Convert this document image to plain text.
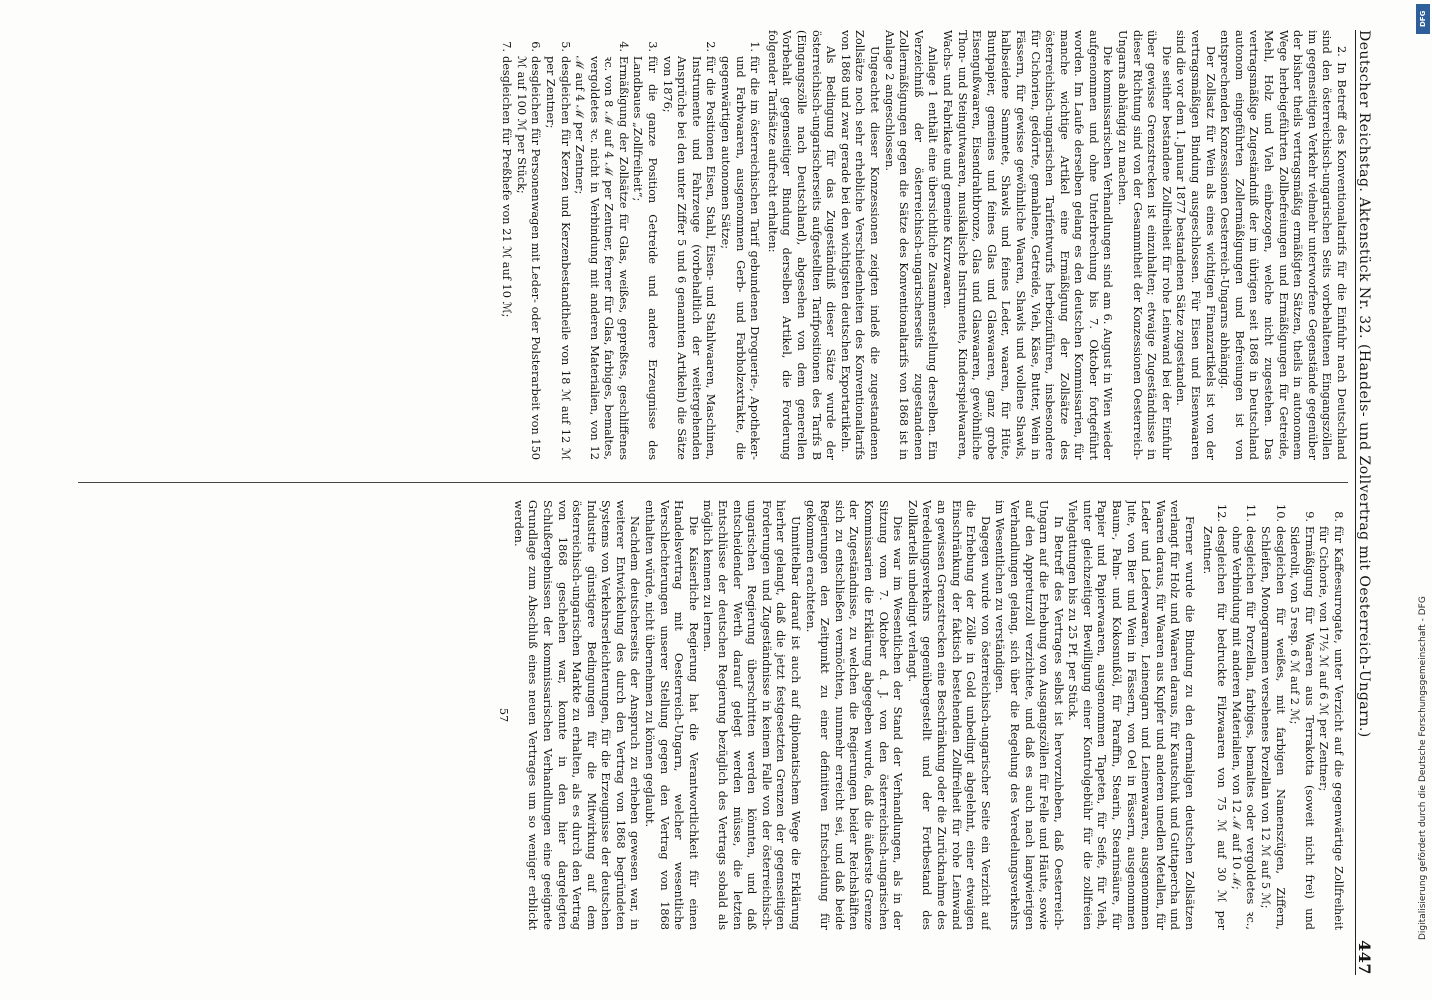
Deutscher Reichstag. Aktenstück Nr. 32. (Handels- und Zollvertrag mit Oesterreich-Ungarn.)
447

2. In Betreff des Konventionaltarifs für die Einfuhr nach Deutschland sind den österreichisch-ungarischen Seits vorbehaltenen Eingangszöllen im gegenseitigen Verkehr vielmehr unterworfene Gegenstände gegenüber der bisher theils vertragsmäßig ermäßigten Sätzen, theils in autonomem Wege herbeigeführten Zollbefreiungen und Ermäßigungen für Getreide, Mehl, Holz und Vieh einbezogen, welche nicht zugestehen. Das vertragsmäßige Zugeständniß der im übrigen seit 1868 in Deutschland autonom eingeführten Zollermäßigungen und Befreiungen ist von entsprechenden Konzessionen Oesterreich-Ungarns abhängig.

Der Zollsatz für Wein als eines wichtigen Finanzartikels ist von der vertragsmäßigen Bindung ausgeschlossen. Für Eisen und Eisenwaaren sind die vor dem 1. Januar 1877 bestandenen Sätze zugestanden.

Die seither bestandene Zollfreiheit für rohe Leinwand bei der Einfuhr über gewisse Grenzstrecken ist einzuhalten; etwaige Zugeständnisse in dieser Richtung sind von der Gesammtheit der Konzessionen Oesterreich-Ungarns abhängig zu machen.

Die kommissarischen Verhandlungen sind am 6. August in Wien wieder aufgenommen und ohne Unterbrechung bis 7. Oktober fortgeführt worden. Im Laufe derselben gelang es den deutschen Kommissarien, für manche wichtige Artikel eine Ermäßigung der Zollsätze des österreichisch-ungarischen Tarifentwurfs herbeizuführen, insbesondere für Cichorien, gedörrte, gemahlene, Getreide, Vieh, Käse, Butter, Wein in Fässern, für gewisse gewöhnliche Waaren, Shawls und wollene Shawls, halbseidene Sammete, Shawls und feines Leder, waaren, für Hüte, Buntpapier, gemeines und feines Glas und Glaswaaren, ganz grobe Eisengußwaaren, Eisendrahtbronze, Glas und Glaswaaren, gewöhnliche Thon- und Steingutwaaren, musikalische Instrumente, Kinderspielwaaren, Wachs- und Fabrikate und gemeine Kurzwaaren.

Anlage 1 enthält eine übersichtliche Zusammenstellung derselben. Ein Verzeichniß der österreichisch-ungarischerseits zugestandenen Zollermäßigungen gegen die Sätze des Konventionaltarifs von 1868 ist in Anlage 2 angeschlossen.

Ungeachtet dieser Konzessionen zeigten indeß die zugestandenen Zollsätze noch sehr erhebliche Verschiedenheiten des Konventionaltarifs von 1868 und zwar gerade bei den wichtigsten deutschen Exportartikeln.

Als Bedingung für das Zugeständniß dieser Sätze wurde der österreichisch-ungarischerseits aufgestellten Tarifpositionen des Tarifs B (Eingangszölle nach Deutschland), abgesehen von dem generellen Vorbehalt gegenseitiger Bindung derselben Artikel, die Forderung folgender Tarifsätze aufrecht erhalten:

1.
für die im österreichischen Tarif gebundenen Droguerie-, Apotheker- und Farbwaaren, ausgenommen Gerb- und Farbholzextrakte, die gegenwärtigen autonomen Sätze;
2.
für die Positionen Eisen, Stahl, Eisen- und Stahlwaaren, Maschinen, Instrumente und Fahrzeuge (vorbehaltlich der weitergehenden Ansprüche bei den unter Ziffer 5 und 6 genannten Artikeln) die Sätze von 1876;
3.
für die ganze Position Getreide und andere Erzeugnisse des Landbaues „Zollfreiheit“;
4.
Ermäßigung der Zollsätze für Glas, weißes, gepreßtes, geschliffenes ꝛc. von 8 ℳ auf 4 ℳ per Zentner, ferner für Glas, farbiges, bemaltes, vergoldetes ꝛc. nicht in Verbindung mit anderen Materialien, von 12 ℳ auf 4 ℳ per Zentner;
5.
desgleichen für Kerzen und Kerzenbestandtheile von 18 ℳ auf 12 ℳ per Zentner;
6.
desgleichen für Personenwagen mit Leder- oder Polsterarbeit von 150 ℳ auf 100 ℳ per Stück;
7.
desgleichen für Preßhefe von 21 ℳ auf 10 ℳ;
8.
für Kaffeesurrogate, unter Verzicht auf die gegenwärtige Zollfreiheit für Cichorie, von 17½ ℳ auf 6 ℳ per Zentner;
9.
Ermäßigung für Waaren aus Terrakotta (soweit nicht frei) und Siderolit, von 5 resp. 6 ℳ auf 2 ℳ;
10.
desgleichen für weißes, mit farbigen Namenszügen, Ziffern, Schleifen, Monogrammen versehenes Porzellan von 12 ℳ auf 5 ℳ;
11.
desgleichen für Porzellan, farbiges, bemaltes oder vergoldetes ꝛc., ohne Verbindung mit anderen Materialien, von 12 ℳ auf 10 ℳ;
12.
desgleichen für bedruckte Filzwaaren von 75 ℳ auf 30 ℳ per Zentner.

Ferner wurde die Bindung zu den dermaligen deutschen Zollsätzen verlangt für Holz und Waaren daraus, für Kautschuk und Guttapercha und Waaren daraus, für Waaren aus Kupfer und anderen unedlen Metallen, für Leder und Lederwaaren, Leinengarn und Leinenwaaren, ausgenommen Jute, von Bier und Wein in Fässern, von Oel in Fässern, ausgenommen Baum-, Palm- und Kokosnußöl, für Paraffin, Stearin, Stearinsäure, für Papier und Papierwaaren, ausgenommen Tapeten, für Seife, für Vieh, unter gleichzeitiger Bewilligung einer Kontrolgebühr für die zollfreien Viehgattungen bis zu 25 Pf. per Stück.

In Betreff des Vertrages selbst ist hervorzuheben, daß Oesterreich-Ungarn auf die Erhebung von Ausgangszöllen für Felle und Häute, sowie auf den Appreturzoll verzichtete, und daß es auch nach langwierigen Verhandlungen gelang, sich über die Regelung des Veredelungsverkehrs im Wesentlichen zu verständigen.

Dagegen wurde von österreichisch-ungarischer Seite ein Verzicht auf die Erhebung der Zölle in Gold unbedingt abgelehnt, einer etwaigen Einschränkung der faktisch bestehenden Zollfreiheit für rohe Leinwand an gewissen Grenzstrecken eine Beschränkung oder die Zurücknahme des Veredelungsverkehrs gegenübergestellt und der Fortbestand des Zollkartells unbedingt verlangt.

Dies war im Wesentlichen der Stand der Verhandlungen, als in der Sitzung vom 7. Oktober d. J. von den österreichisch-ungarischen Kommissarien die Erklärung abgegeben wurde, daß die äußerste Grenze der Zugeständnisse, zu welchen die Regierungen beider Reichshälften sich zu entschließen vermöchten, nunmehr erreicht sei, und daß beide Regierungen den Zeitpunkt zu einer definitiven Entscheidung für gekommen erachteten.

Unmittelbar darauf ist auch auf diplomatischem Wege die Erklärung hierher gelangt, daß die jetzt festgesetzten Grenzen der gegenseitigen Forderungen und Zugeständnisse in keinem Falle von der österreichisch-ungarischen Regierung überschritten werden könnten, und daß entscheidender Werth darauf gelegt werden müsse, die letzten Entschlüsse der deutschen Regierung bezüglich des Vertrags sobald als möglich kennen zu lernen.

Die Kaiserliche Regierung hat die Verantwortlichkeit für einen Handelsvertrag mit Oesterreich-Ungarn, welcher wesentliche Verschlechterungen unserer Stellung gegen den Vertrag von 1868 enthalten würde, nicht übernehmen zu können geglaubt.

Nachdem deutscherseits der Anspruch zu erheben gewesen war, in weiterer Entwickelung des durch den Vertrag von 1868 begründeten Systems von Verkehrserleichterungen, für die Erzeugnisse der deutschen Industrie günstigere Bedingungen für die Mitwirkung auf dem österreichisch-ungarischen Markte zu erhalten, als es durch den Vertrag von 1868 geschehen war, konnte in den hier dargelegten Schlußergebnissen der kommissarischen Verhandlungen eine geeignete Grundlage zum Abschluß eines neuen Vertrages um so weniger erblickt werden.

57	Digitalisierung gefördert durch die Deutsche Forschungsgemeinschaft - DFG
DFG
